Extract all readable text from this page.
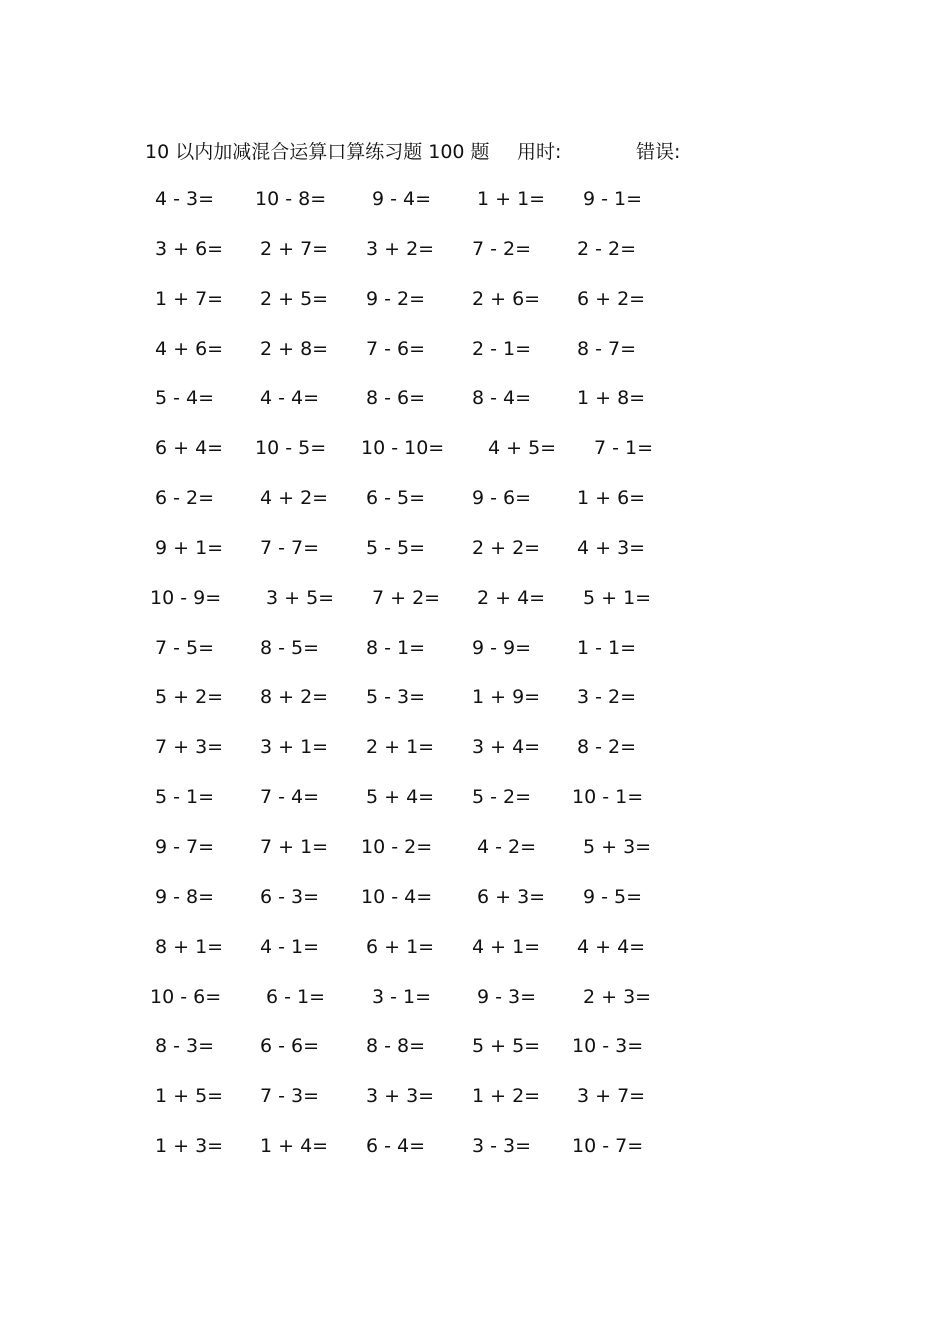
10 以内加减混合运算口算练习题 100 题 用时:	错误:
4 - 3= 10 - 8= 9 - 4= 1 + 1= 9 - 1=
3 + 6= 2 + 7= 3 + 2= 7 - 2= 2 - 2=
1 + 7= 2 + 5= 9 - 2= 2 + 6= 6 + 2=
4 + 6= 2 + 8= 7 - 6= 2 - 1= 8 - 7=
5 - 4= 4 - 4= 8 - 6= 8 - 4= 1 + 8=
6 + 4= 10 - 5= 10 - 10= 4 + 5= 7 - 1=
6 - 2= 4 + 2= 6 - 5= 9 - 6= 1 + 6=
9 + 1= 7 - 7= 5 - 5= 2 + 2= 4 + 3=
10 - 9= 3 + 5= 7 + 2= 2 + 4= 5 + 1=
7 - 5= 8 - 5= 8 - 1= 9 - 9= 1 - 1=
5 + 2= 8 + 2= 5 - 3= 1 + 9= 3 - 2=
7 + 3= 3 + 1= 2 + 1= 3 + 4= 8 - 2=
5 - 1= 7 - 4= 5 + 4= 5 - 2= 10 - 1=
9 - 7= 7 + 1= 10 - 2= 4 - 2= 5 + 3=
9 - 8= 6 - 3= 10 - 4= 6 + 3= 9 - 5=
8 + 1= 4 - 1= 6 + 1= 4 + 1= 4 + 4=
10 - 6= 6 - 1= 3 - 1= 9 - 3= 2 + 3=
8 - 3= 6 - 6= 8 - 8= 5 + 5= 10 - 3=
1 + 5= 7 - 3= 3 + 3= 1 + 2= 3 + 7=
1 + 3= 1 + 4= 6 - 4= 3 - 3= 10 - 7=
